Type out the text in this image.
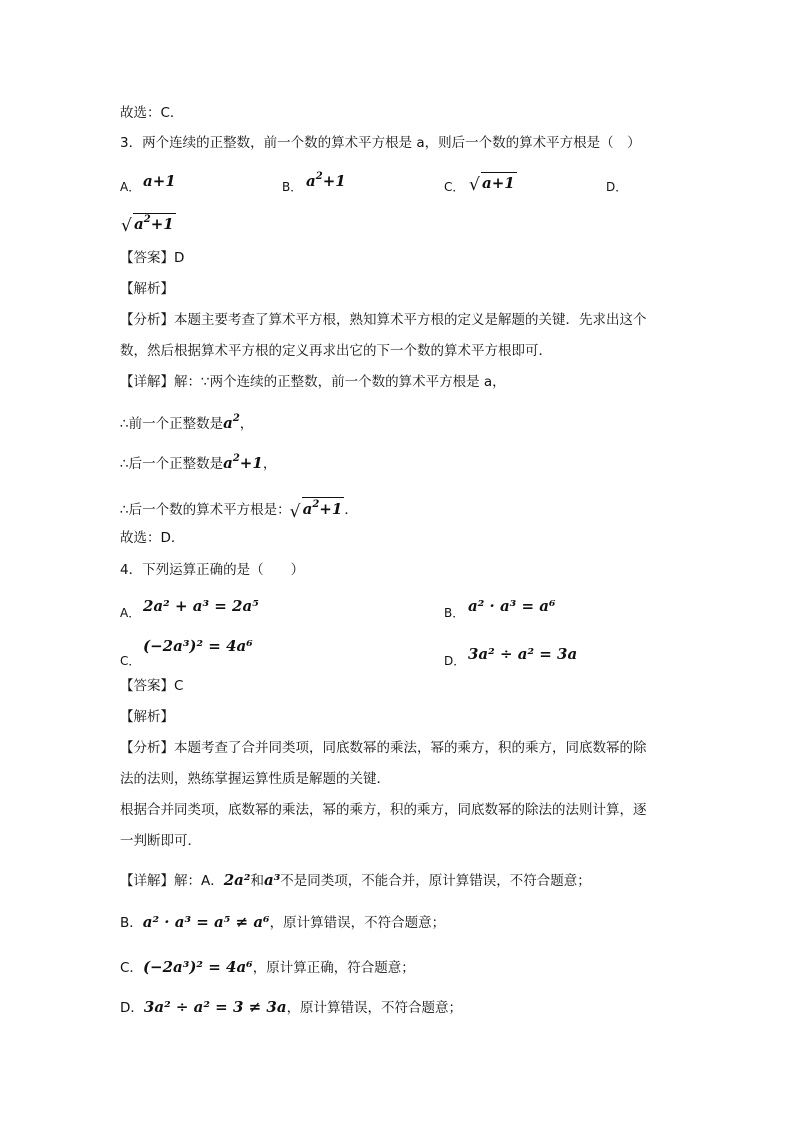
故选：C．
3．两个连续的正整数，前一个数的算术平方根是 a，则后一个数的算术平方根是（　）
A． a+1	B． $a^2+1$	C．	√ a+1	D．
√ $a^2+1$
【答案】D
【解析】
【分析】本题主要考查了算术平方根，熟知算术平方根的定义是解题的关键．先求出这个
数，然后根据算术平方根的定义再求出它的下一个数的算术平方根即可．
【详解】解：∵两个连续的正整数，前一个数的算术平方根是 a，
∴前一个正整数是$a^2$，
∴后一个正整数是$a^2+1$，
∴后一个数的算术平方根是： √ $a^2+1$ ．
故选：D．
4．下列运算正确的是（　　）
A． 2a² + a³ = 2a⁵	B． a² · a³ = a⁶
C．
(−2a³)² = 4a⁶
D． 3a² ÷ a² = 3a
【答案】C
【解析】
【分析】本题考查了合并同类项，同底数幂的乘法，幂的乘方，积的乘方，同底数幂的除
法的法则，熟练掌握运算性质是解题的关键．
根据合并同类项，底数幂的乘法，幂的乘方，积的乘方，同底数幂的除法的法则计算，逐
一判断即可．
【详解】解：A．2a²和a³不是同类项，不能合并，原计算错误，不符合题意；
B．a² · a³ = a⁵ ≠ a⁶，原计算错误，不符合题意；
C．(−2a³)² = 4a⁶，原计算正确，符合题意；
D．3a² ÷ a² = 3 ≠ 3a，原计算错误，不符合题意；
